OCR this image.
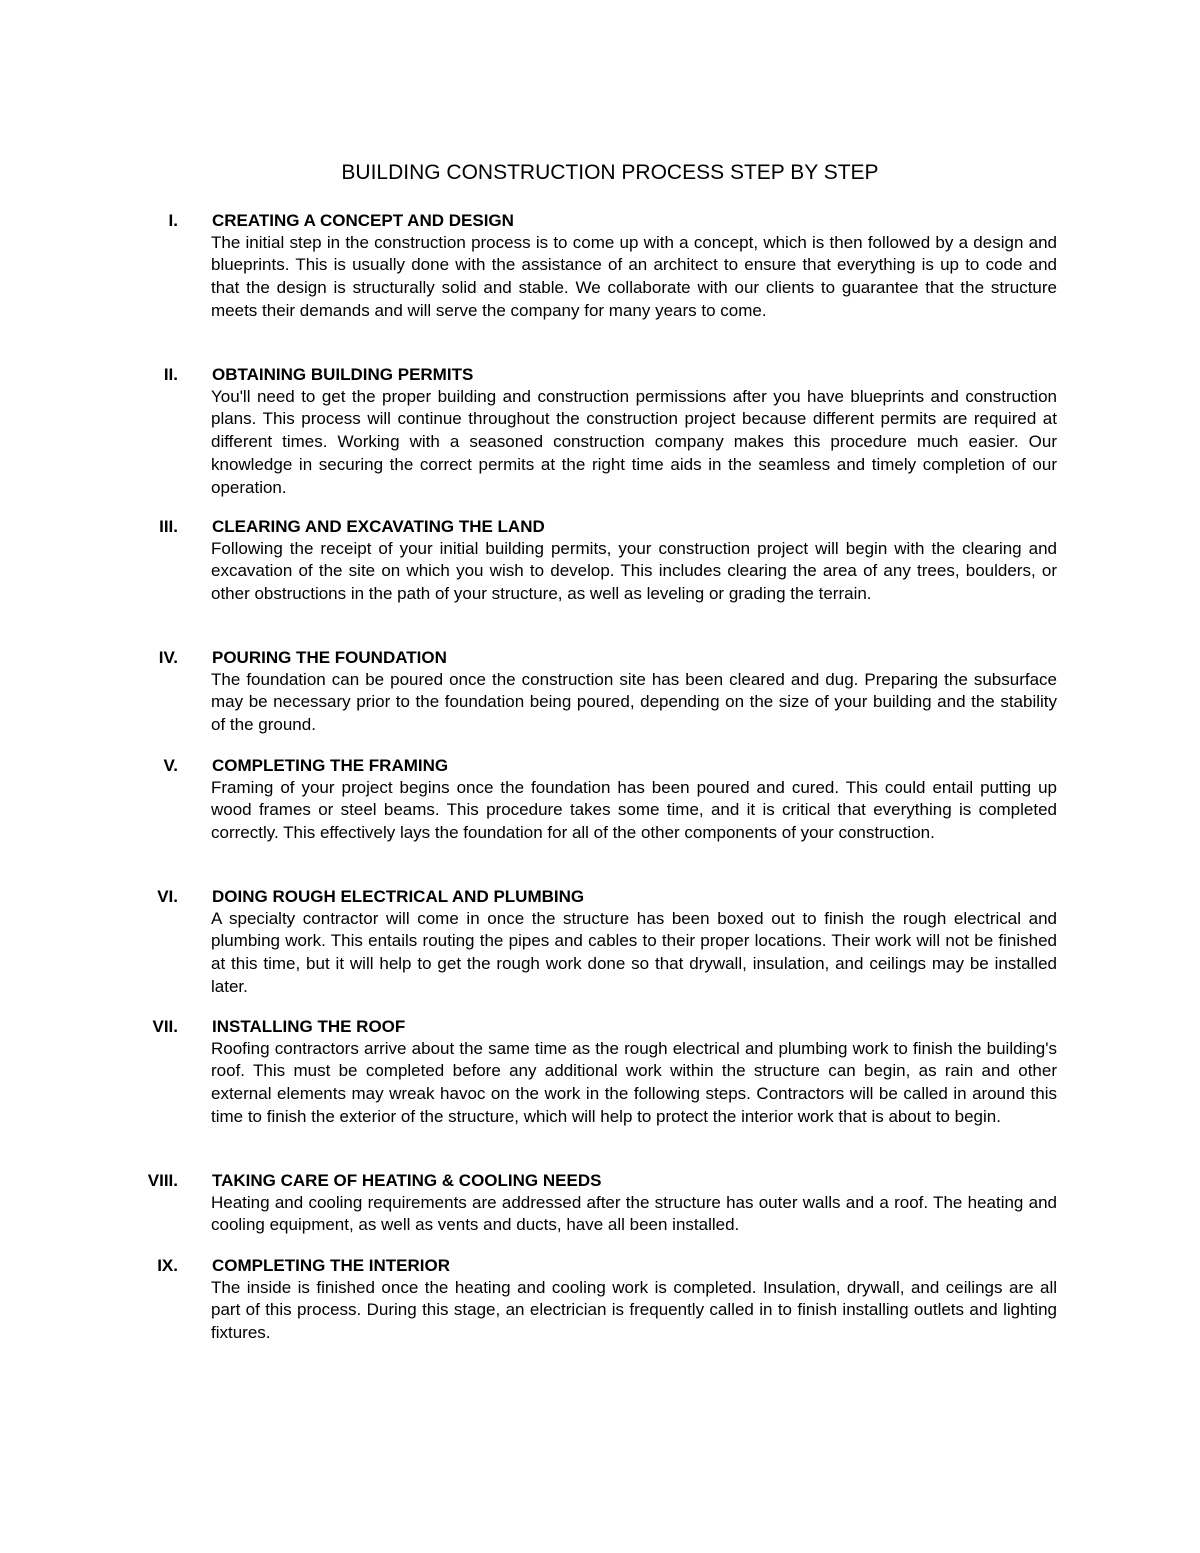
BUILDING CONSTRUCTION PROCESS STEP BY STEP
I. CREATING A CONCEPT AND DESIGN

The initial step in the construction process is to come up with a concept, which is then followed by a design and blueprints. This is usually done with the assistance of an architect to ensure that everything is up to code and that the design is structurally solid and stable. We collaborate with our clients to guarantee that the structure meets their demands and will serve the company for many years to come.

II. OBTAINING BUILDING PERMITS

You'll need to get the proper building and construction permissions after you have blueprints and construction plans. This process will continue throughout the construction project because different permits are required at different times. Working with a seasoned construction company makes this procedure much easier. Our knowledge in securing the correct permits at the right time aids in the seamless and timely completion of our operation.

III. CLEARING AND EXCAVATING THE LAND

Following the receipt of your initial building permits, your construction project will begin with the clearing and excavation of the site on which you wish to develop. This includes clearing the area of any trees, boulders, or other obstructions in the path of your structure, as well as leveling or grading the terrain.

IV. POURING THE FOUNDATION

The foundation can be poured once the construction site has been cleared and dug. Preparing the subsurface may be necessary prior to the foundation being poured, depending on the size of your building and the stability of the ground.

V. COMPLETING THE FRAMING

Framing of your project begins once the foundation has been poured and cured. This could entail putting up wood frames or steel beams. This procedure takes some time, and it is critical that everything is completed correctly. This effectively lays the foundation for all of the other components of your construction.

VI. DOING ROUGH ELECTRICAL AND PLUMBING

A specialty contractor will come in once the structure has been boxed out to finish the rough electrical and plumbing work. This entails routing the pipes and cables to their proper locations. Their work will not be finished at this time, but it will help to get the rough work done so that drywall, insulation, and ceilings may be installed later.

VII. INSTALLING THE ROOF

Roofing contractors arrive about the same time as the rough electrical and plumbing work to finish the building's roof. This must be completed before any additional work within the structure can begin, as rain and other external elements may wreak havoc on the work in the following steps. Contractors will be called in around this time to finish the exterior of the structure, which will help to protect the interior work that is about to begin.

VIII. TAKING CARE OF HEATING & COOLING NEEDS

Heating and cooling requirements are addressed after the structure has outer walls and a roof. The heating and cooling equipment, as well as vents and ducts, have all been installed.

IX. COMPLETING THE INTERIOR

The inside is finished once the heating and cooling work is completed. Insulation, drywall, and ceilings are all part of this process. During this stage, an electrician is frequently called in to finish installing outlets and lighting fixtures.
